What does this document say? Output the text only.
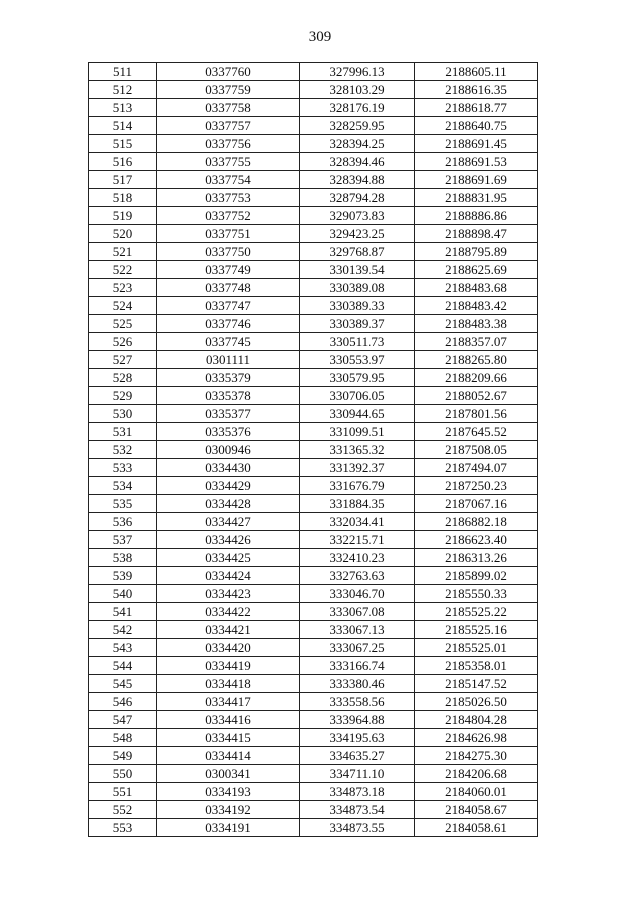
309
511	0337760	327996.13	2188605.11
512	0337759	328103.29	2188616.35
513	0337758	328176.19	2188618.77
514	0337757	328259.95	2188640.75
515	0337756	328394.25	2188691.45
516	0337755	328394.46	2188691.53
517	0337754	328394.88	2188691.69
518	0337753	328794.28	2188831.95
519	0337752	329073.83	2188886.86
520	0337751	329423.25	2188898.47
521	0337750	329768.87	2188795.89
522	0337749	330139.54	2188625.69
523	0337748	330389.08	2188483.68
524	0337747	330389.33	2188483.42
525	0337746	330389.37	2188483.38
526	0337745	330511.73	2188357.07
527	0301111	330553.97	2188265.80
528	0335379	330579.95	2188209.66
529	0335378	330706.05	2188052.67
530	0335377	330944.65	2187801.56
531	0335376	331099.51	2187645.52
532	0300946	331365.32	2187508.05
533	0334430	331392.37	2187494.07
534	0334429	331676.79	2187250.23
535	0334428	331884.35	2187067.16
536	0334427	332034.41	2186882.18
537	0334426	332215.71	2186623.40
538	0334425	332410.23	2186313.26
539	0334424	332763.63	2185899.02
540	0334423	333046.70	2185550.33
541	0334422	333067.08	2185525.22
542	0334421	333067.13	2185525.16
543	0334420	333067.25	2185525.01
544	0334419	333166.74	2185358.01
545	0334418	333380.46	2185147.52
546	0334417	333558.56	2185026.50
547	0334416	333964.88	2184804.28
548	0334415	334195.63	2184626.98
549	0334414	334635.27	2184275.30
550	0300341	334711.10	2184206.68
551	0334193	334873.18	2184060.01
552	0334192	334873.54	2184058.67
553	0334191	334873.55	2184058.61
